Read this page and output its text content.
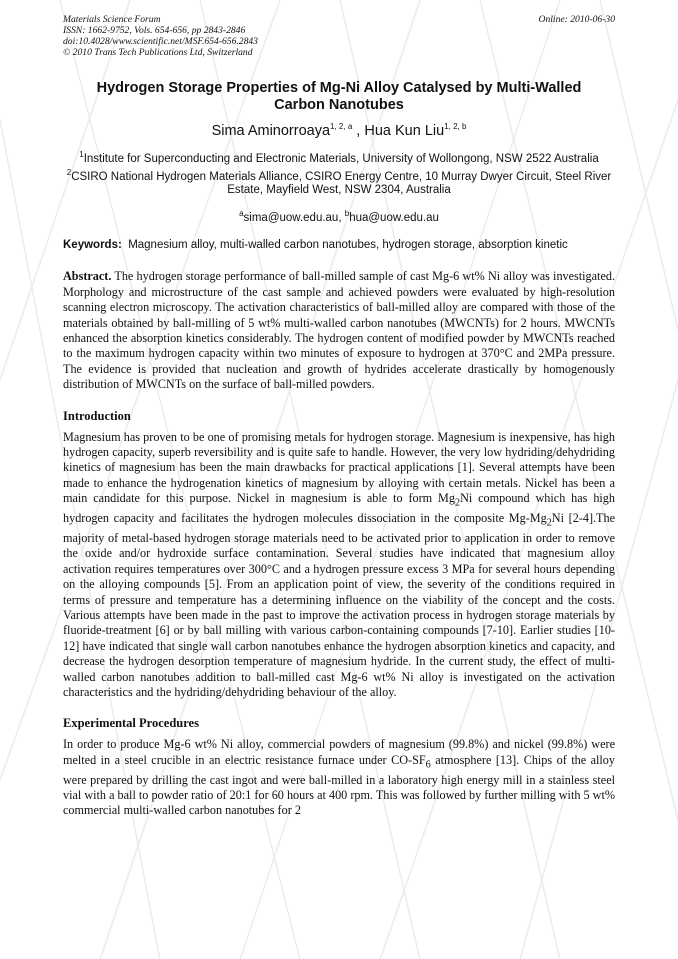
Materials Science Forum
ISSN: 1662-9752, Vols. 654-656, pp 2843-2846
doi:10.4028/www.scientific.net/MSF.654-656.2843
© 2010 Trans Tech Publications Ltd, Switzerland
Online: 2010-06-30
Hydrogen Storage Properties of Mg-Ni Alloy Catalysed by Multi-Walled Carbon Nanotubes
Sima Aminorroaya$^{1, 2, a}$ , Hua Kun Liu$^{1, 2, b}$

$^1$Institute for Superconducting and Electronic Materials, University of Wollongong, NSW 2522 Australia

$^2$CSIRO National Hydrogen Materials Alliance, CSIRO Energy Centre, 10 Murray Dwyer Circuit, Steel River Estate, Mayfield West, NSW 2304, Australia

$^a$sima@uow.edu.au, $^b$hua@uow.edu.au
Keywords: Magnesium alloy, multi-walled carbon nanotubes, hydrogen storage, absorption kinetic

Abstract. The hydrogen storage performance of ball-milled sample of cast Mg-6 wt% Ni alloy was investigated. Morphology and microstructure of the cast sample and achieved powders were evaluated by high-resolution scanning electron microscopy. The activation characteristics of ball-milled alloy are compared with those of the materials obtained by ball-milling of 5 wt% multi-walled carbon nanotubes (MWCNTs) for 2 hours. MWCNTs enhanced the absorption kinetics considerably. The hydrogen content of modified powder by MWCNTs reached to the maximum hydrogen capacity within two minutes of exposure to hydrogen at 370°C and 2MPa pressure. The evidence is provided that nucleation and growth of hydrides accelerate drastically by homogenously distribution of MWCNTs on the surface of ball-milled powders.

Introduction

Magnesium has proven to be one of promising metals for hydrogen storage. Magnesium is inexpensive, has high hydrogen capacity, superb reversibility and is quite safe to handle. However, the very low hydriding/dehydriding kinetics of magnesium has been the main drawbacks for practical applications [1]. Several attempts have been made to enhance the hydrogenation kinetics of magnesium by alloying with certain metals. Nickel has been a main candidate for this purpose. Nickel in magnesium is able to form $Mg_2Ni$ compound which has high hydrogen capacity and facilitates the hydrogen molecules dissociation in the composite $Mg-Mg_2Ni$ [2-4].The majority of metal-based hydrogen storage materials need to be activated prior to application in order to remove the oxide and/or hydroxide surface contamination. Several studies have indicated that magnesium alloy activation requires temperatures over 300°C and a hydrogen pressure excess 3 MPa for several hours depending on the alloying compounds [5]. From an application point of view, the severity of the conditions required in terms of pressure and temperature has a determining influence on the viability of the concept and the costs. Various attempts have been made in the past to improve the activation process in hydrogen storage materials by fluoride-treatment [6] or by ball milling with various carbon-containing compounds [7-10]. Earlier studies [10-12] have indicated that single wall carbon nanotubes enhance the hydrogen absorption kinetics and capacity, and decrease the hydrogen desorption temperature of magnesium hydride. In the current study, the effect of multi-walled carbon nanotubes addition to ball-milled cast Mg-6 wt% Ni alloy is investigated on the activation characteristics and the hydriding/dehydriding behaviour of the alloy.

Experimental Procedures

In order to produce Mg-6 wt% Ni alloy, commercial powders of magnesium (99.8%) and nickel (99.8%) were melted in a steel crucible in an electric resistance furnace under $CO-SF_6$ atmosphere [13]. Chips of the alloy were prepared by drilling the cast ingot and were ball-milled in a laboratory high energy mill in a stainless steel vial with a ball to powder ratio of 20:1 for 60 hours at 400 rpm. This was followed by further milling with 5 wt% commercial multi-walled carbon nanotubes for 2
